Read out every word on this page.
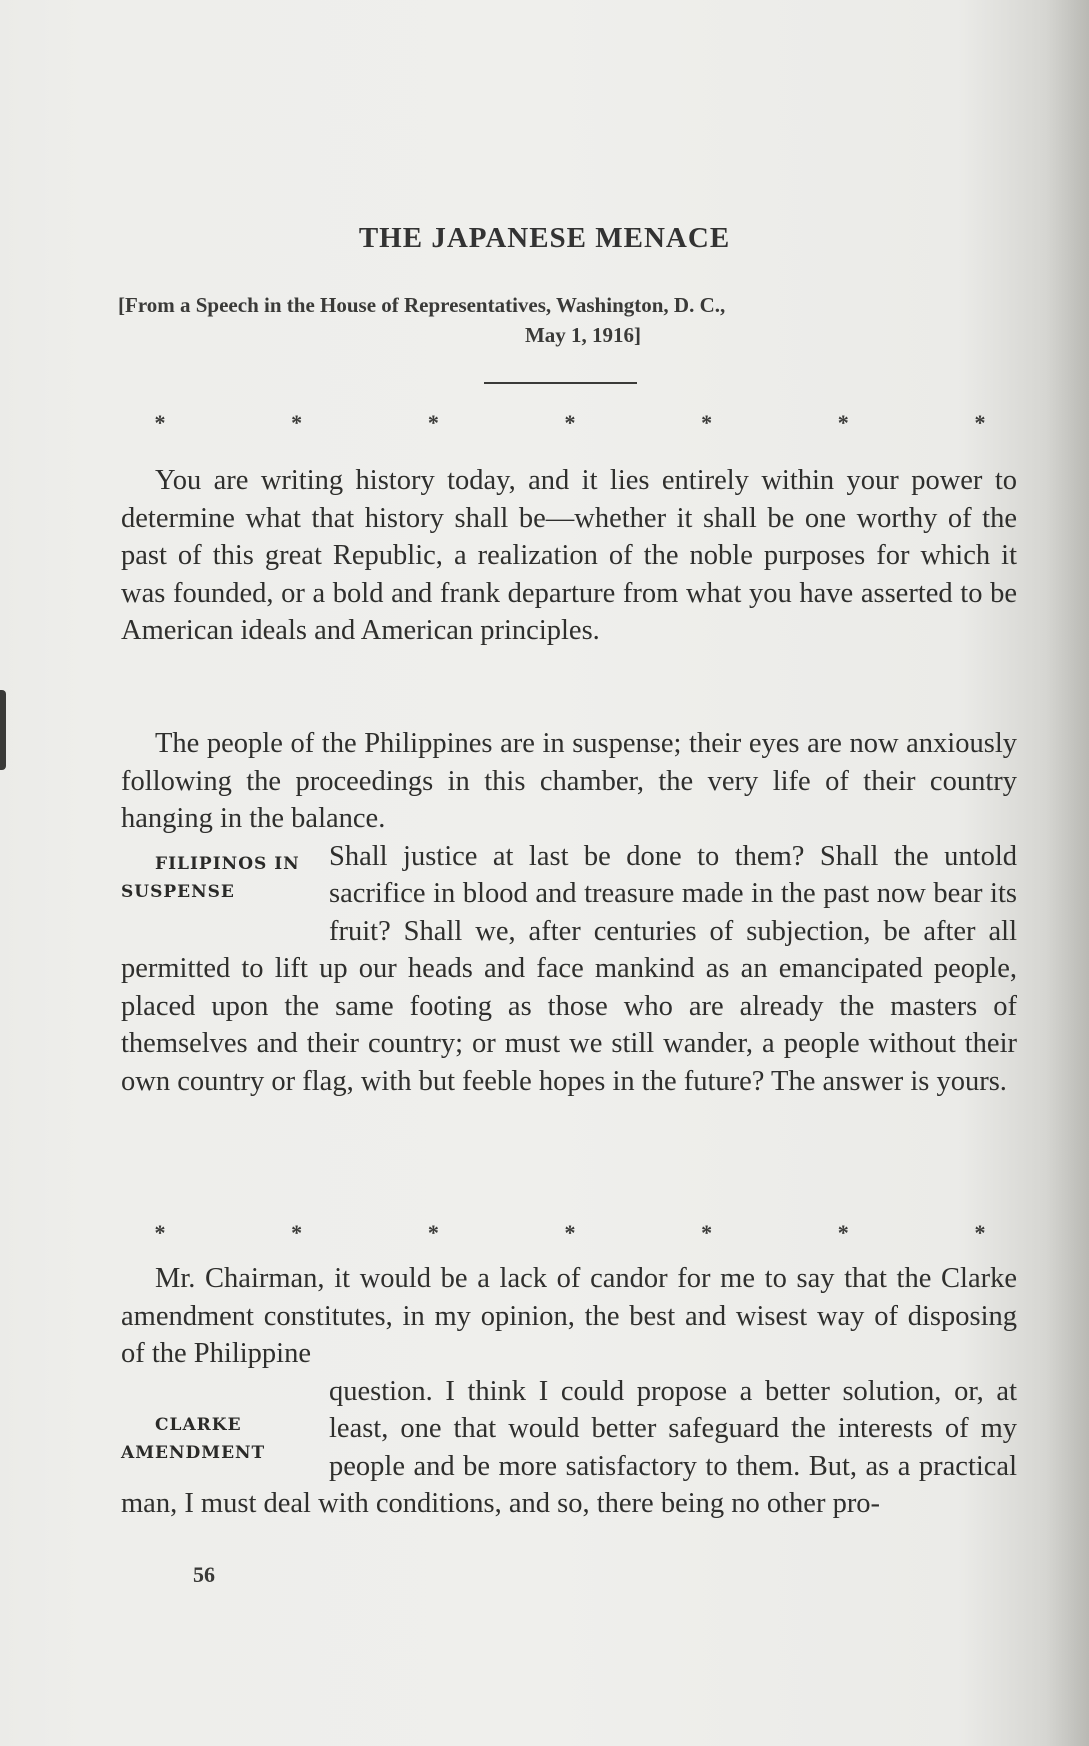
THE JAPANESE MENACE
[From a Speech in the House of Representatives, Washington, D. C.,
May 1, 1916]
*	*	*	*	*	*	*

You are writing history today, and it lies entirely within your power to determine what that history shall be—whether it shall be one worthy of the past of this great Republic, a realization of the noble purposes for which it was founded, or a bold and frank departure from what you have asserted to be American ideals and American principles.

The people of the Philippines are in suspense; their eyes are now anxiously following the proceedings in this chamber, the very life of their country hanging in the balance.

FILIPINOS IN
SUSPENSE
Shall justice at last be done to them? Shall the untold sacrifice in blood and treasure made in the past now bear its fruit? Shall we, after centuries of subjection, be after all permitted to lift up our heads and face mankind as an emancipated people, placed upon the same footing as those who are already the masters of themselves and their country; or must we still wander, a people without their own country or flag, with but feeble hopes in the future? The answer is yours.

*	*	*	*	*	*	*

Mr. Chairman, it would be a lack of candor for me to say that the Clarke amendment constitutes, in my opinion, the best and wisest way of disposing of the Philippine

CLARKE
AMENDMENT
question. I think I could propose a better solution, or, at least, one that would better safeguard the interests of my people and be more satisfactory to them. But, as a practical man, I must deal with conditions, and so, there being no other pro-

56
